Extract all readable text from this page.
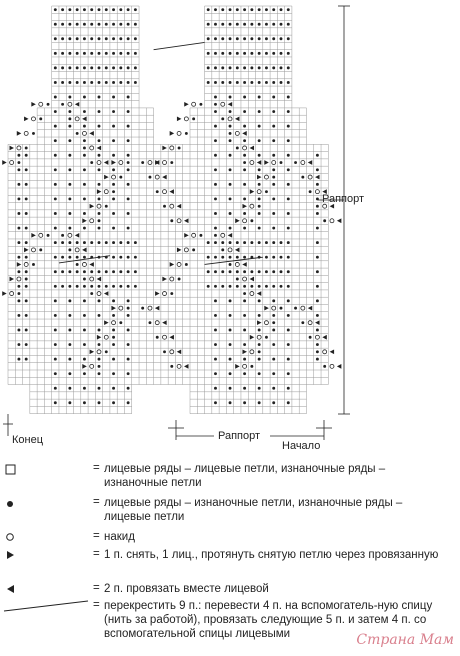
Раппорт
Раппорт
Конец	Начало
= лицевые ряды – лицевые петли, изнаночные ряды – изнаночные петли
= лицевые ряды – изнаночные петли, изнаночные ряды – лицевые петли
= накид
= 1 п. снять, 1 лиц., протянуть снятую петлю через провязанную
= 2 п. провязать вместе лицевой
= перекрестить 9 п.: перевести 4 п. на вспомогатель-ную спицу (нить за работой), провязать следующие 5 п. и затем 4 п. со вспомогательной спицы лицевыми	Страна Мам
